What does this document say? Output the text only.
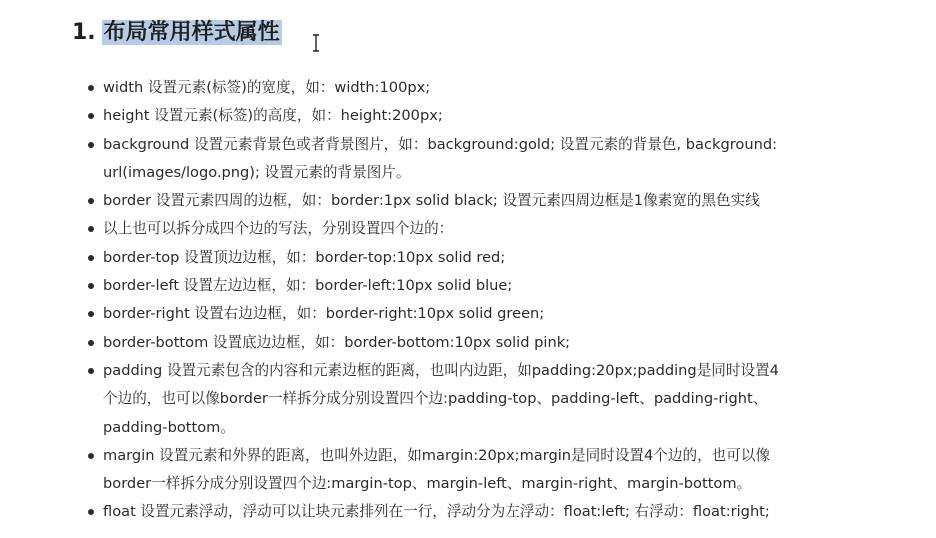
1. 布局常用样式属性
width 设置元素(标签)的宽度，如：width:100px;
height 设置元素(标签)的高度，如：height:200px;
background 设置元素背景色或者背景图片，如：background:gold; 设置元素的背景色, background:
url(images/logo.png); 设置元素的背景图片。
border 设置元素四周的边框，如：border:1px solid black; 设置元素四周边框是1像素宽的黑色实线
以上也可以拆分成四个边的写法，分别设置四个边的：
border-top 设置顶边边框，如：border-top:10px solid red;
border-left 设置左边边框，如：border-left:10px solid blue;
border-right 设置右边边框，如：border-right:10px solid green;
border-bottom 设置底边边框，如：border-bottom:10px solid pink;
padding 设置元素包含的内容和元素边框的距离，也叫内边距，如padding:20px;padding是同时设置4
个边的，也可以像border一样拆分成分别设置四个边:padding-top、padding-left、padding-right、
padding-bottom。
margin 设置元素和外界的距离，也叫外边距，如margin:20px;margin是同时设置4个边的，也可以像
border一样拆分成分别设置四个边:margin-top、margin-left、margin-right、margin-bottom。
float 设置元素浮动，浮动可以让块元素排列在一行，浮动分为左浮动：float:left; 右浮动：float:right;
